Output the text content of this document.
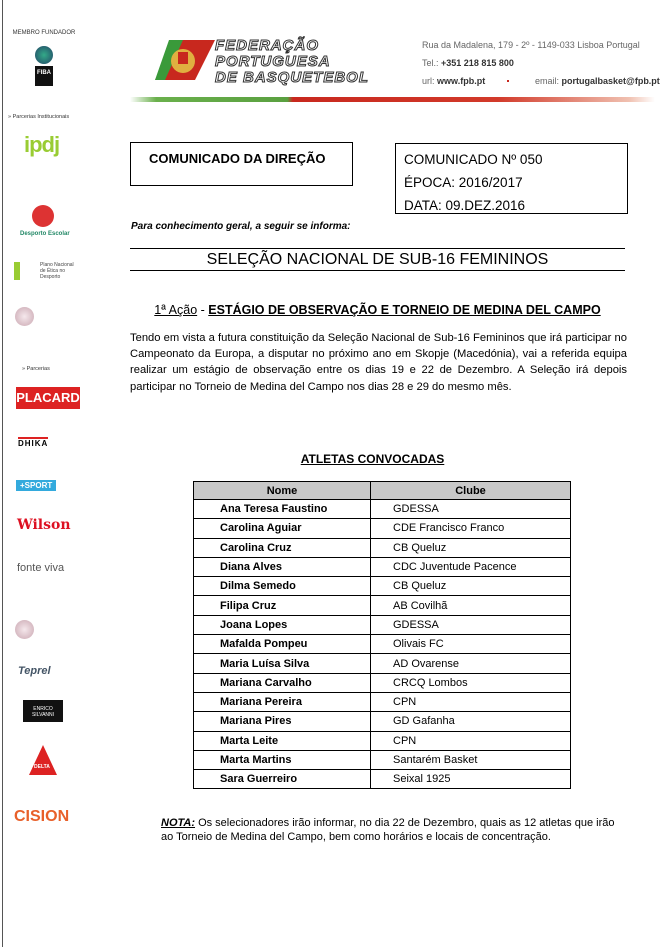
MEMBRO FUNDADOR
FIBA
» Parcerias Institucionais
ipdj
Desporto Escolar
Plano Nacional de Ética no Desporto
» Parcerias
PLACARD
DHIKA
+SPORT
Wilson
fonte viva
Teprel
ENRICO SILVANNI
DELTA
CISION
FEDERAÇÃO
PORTUGUESA
DE BASQUETEBOL
Rua da Madalena, 179 - 2º - 1149-033 Lisboa Portugal
Tel.: +351 218 815 800
url: www.fpb.pt	email: portugalbasket@fpb.pt
COMUNICADO DA DIREÇÃO	COMUNICADO Nº 050
ÉPOCA: 2016/2017
DATA: 09.DEZ.2016
Para conhecimento geral, a seguir se informa:
SELEÇÃO NACIONAL DE SUB-16 FEMININOS
1ª Ação - ESTÁGIO DE OBSERVAÇÃO E TORNEIO DE MEDINA DEL CAMPO
Tendo em vista a futura constituição da Seleção Nacional de Sub-16 Femininos que irá participar no Campeonato da Europa, a disputar no próximo ano em Skopje (Macedónia), vai a referida equipa realizar um estágio de observação entre os dias 19 e 22 de Dezembro. A Seleção irá depois participar no Torneio de Medina del Campo nos dias 28 e 29 do mesmo mês.
ATLETAS CONVOCADAS
Nome	Clube
Ana Teresa Faustino	GDESSA
Carolina Aguiar	CDE Francisco Franco
Carolina Cruz	CB Queluz
Diana Alves	CDC Juventude Pacence
Dilma Semedo	CB Queluz
Filipa Cruz	AB Covilhã
Joana Lopes	GDESSA
Mafalda Pompeu	Olivais FC
Maria Luísa Silva	AD Ovarense
Mariana Carvalho	CRCQ Lombos
Mariana Pereira	CPN
Mariana Pires	GD Gafanha
Marta Leite	CPN
Marta Martins	Santarém Basket
Sara Guerreiro	Seixal 1925
NOTA: Os selecionadores irão informar, no dia 22 de Dezembro, quais as 12 atletas que irão ao Torneio de Medina del Campo, bem como horários e locais de concentração.
